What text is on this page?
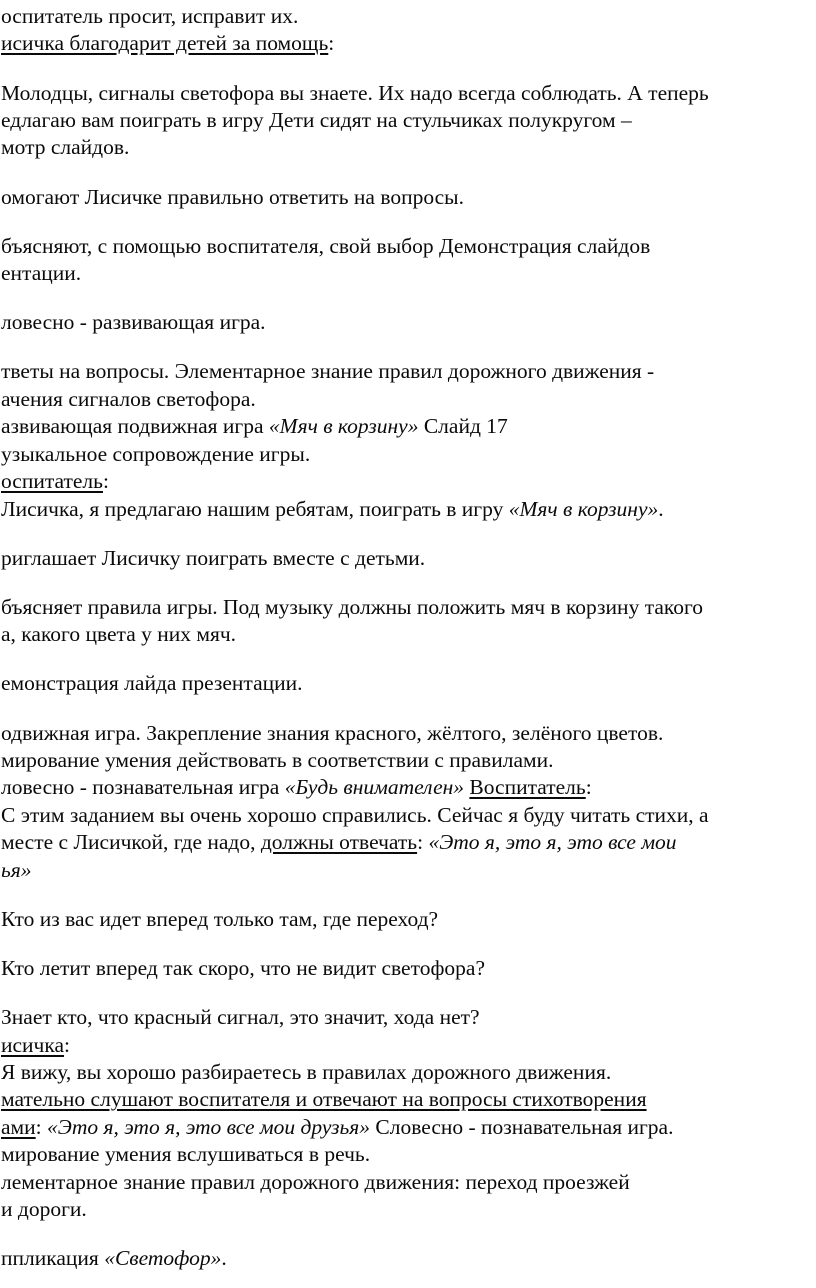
оспитатель просит, исправит их.
исичка благодарит детей за помощь:
Молодцы, сигналы светофора вы знаете. Их надо всегда соблюдать. А теперь
едлагаю вам поиграть в игру Дети сидят на стульчиках полукругом –
мотр слайдов.
омогают Лисичке правильно ответить на вопросы.
бъясняют, с помощью воспитателя, свой выбор Демонстрация слайдов
ентации.
ловесно - развивающая игра.
тветы на вопросы. Элементарное знание правил дорожного движения -
ачения сигналов светофора.
азвивающая подвижная игра «Мяч в корзину» Слайд 17
узыкальное сопровождение игры.
оспитатель:
Лисичка, я предлагаю нашим ребятам, поиграть в игру «Мяч в корзину».
риглашает Лисичку поиграть вместе с детьми.
бъясняет правила игры. Под музыку должны положить мяч в корзину такого
а, какого цвета у них мяч.
емонстрация лайда презентации.
одвижная игра. Закрепление знания красного, жёлтого, зелёного цветов.
мирование умения действовать в соответствии с правилами.
ловесно - познавательная игра «Будь внимателен» Воспитатель:
С этим заданием вы очень хорошо справились. Сейчас я буду читать стихи, а
месте с Лисичкой, где надо, должны отвечать: «Это я, это я, это все мои
ья»
Кто из вас идет вперед только там, где переход?
Кто летит вперед так скоро, что не видит светофора?
Знает кто, что красный сигнал, это значит, хода нет?
исичка:
Я вижу, вы хорошо разбираетесь в правилах дорожного движения.
мательно слушают воспитателя и отвечают на вопросы стихотворения
ами: «Это я, это я, это все мои друзья» Словесно - познавательная игра.
мирование умения вслушиваться в речь.
лементарное знание правил дорожного движения: переход проезжей
и дороги.
ппликация «Светофор».
